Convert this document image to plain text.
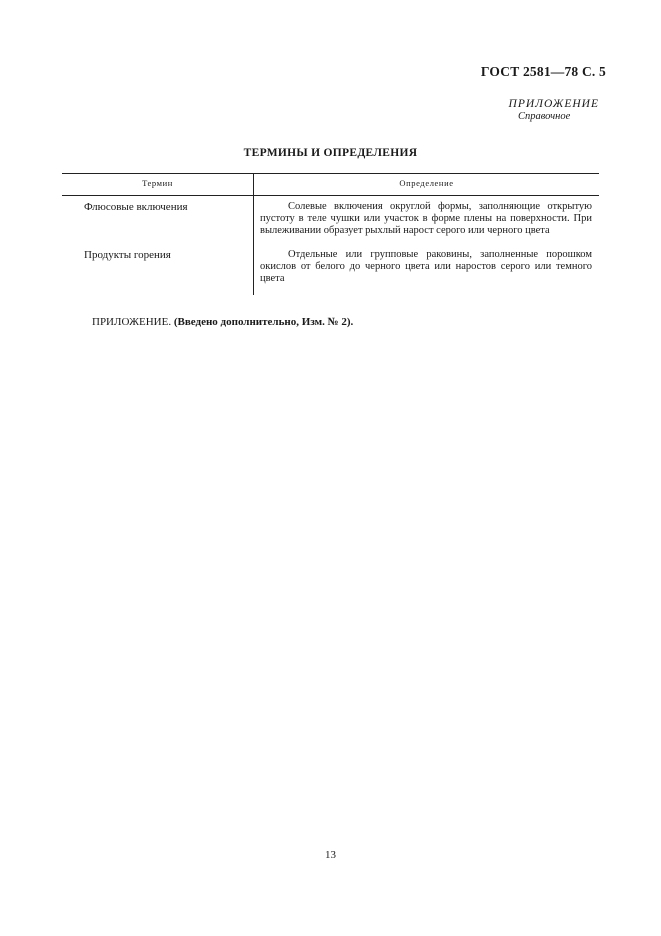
ГОСТ 2581—78 С. 5
ПРИЛОЖЕНИЕ
Справочное
ТЕРМИНЫ И ОПРЕДЕЛЕНИЯ
Термин	Определение
Флюсовые включения	Солевые включения округлой формы, заполняющие открытую пустоту в теле чушки или участок в форме плены на поверхности. При вылеживании образует рыхлый нарост серого или черного цвета
Продукты горения	Отдельные или групповые раковины, заполненные порошком окислов от белого до черного цвета или наростов серого или темного цвета
ПРИЛОЖЕНИЕ. (Введено дополнительно, Изм. № 2).
13
